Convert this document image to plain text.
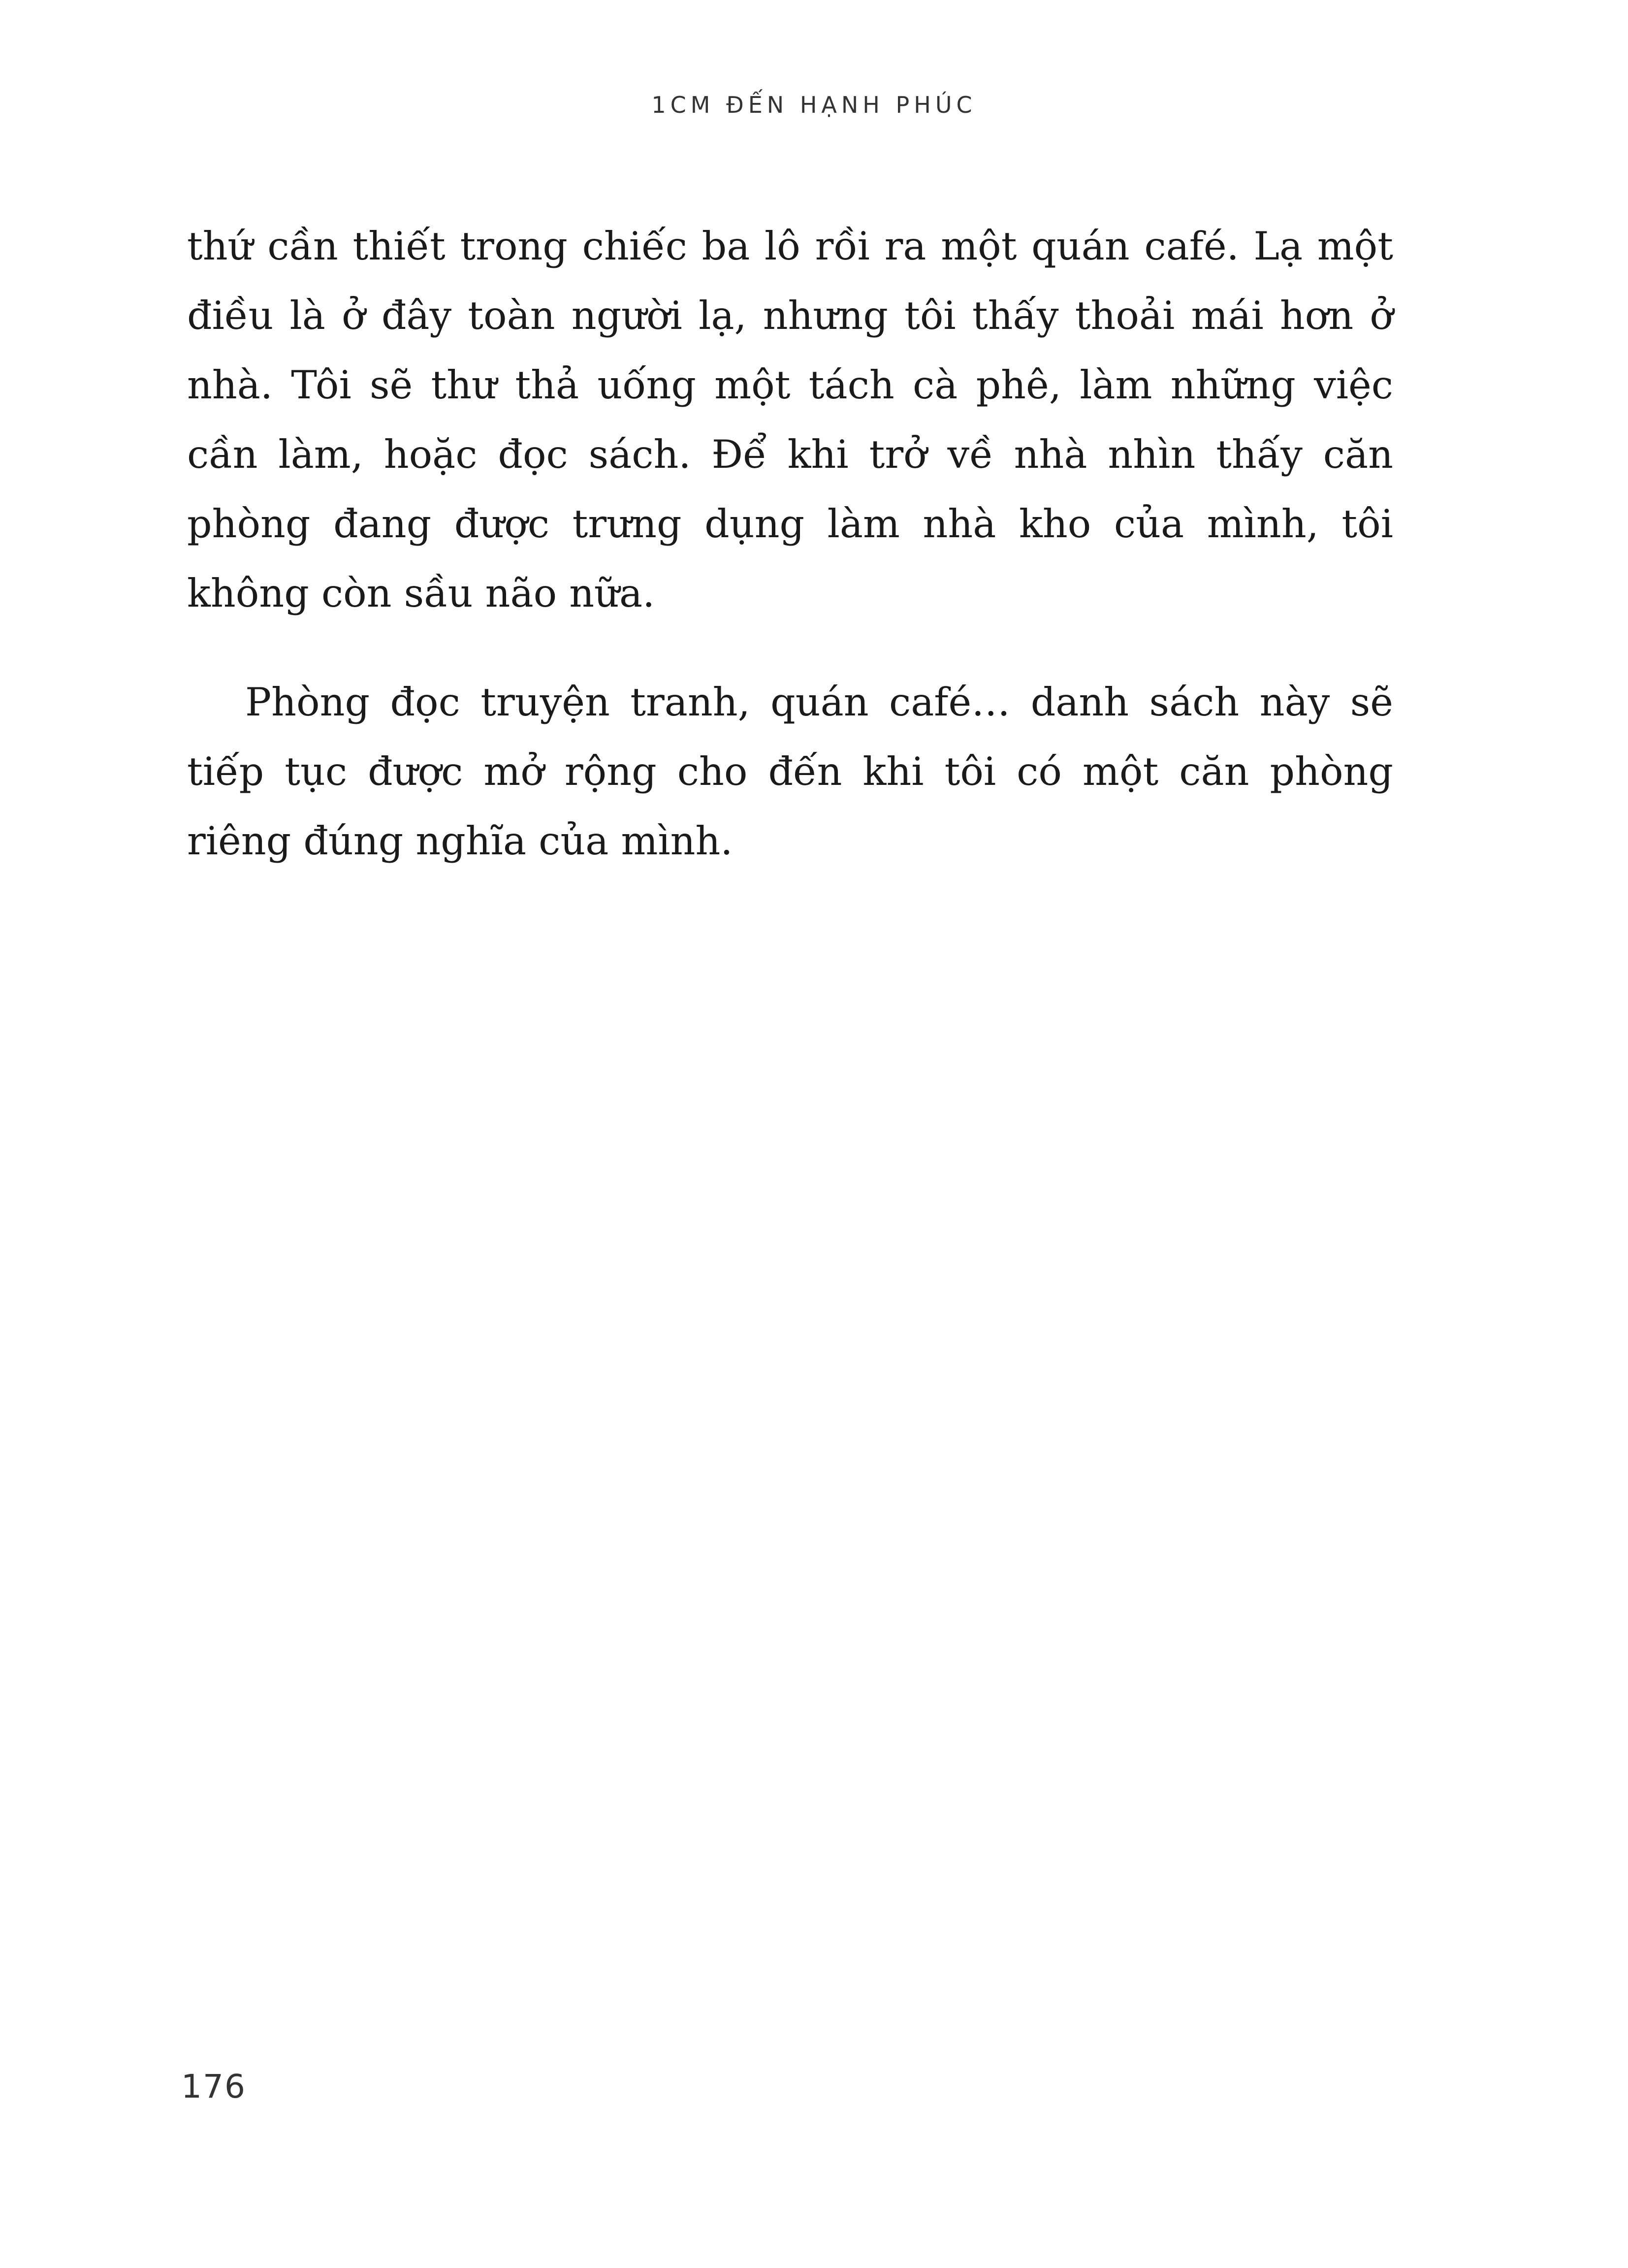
1CM ĐẾN HẠNH PHÚC

thứ cần thiết trong chiếc ba lô rồi ra một quán café. Lạ một điều là ở đây toàn người lạ, nhưng tôi thấy thoải mái hơn ở nhà. Tôi sẽ thư thả uống một tách cà phê, làm những việc cần làm, hoặc đọc sách. Để khi trở về nhà nhìn thấy căn phòng đang được trưng dụng làm nhà kho của mình, tôi không còn sầu não nữa.

Phòng đọc truyện tranh, quán café… danh sách này sẽ tiếp tục được mở rộng cho đến khi tôi có một căn phòng riêng đúng nghĩa của mình.

176
